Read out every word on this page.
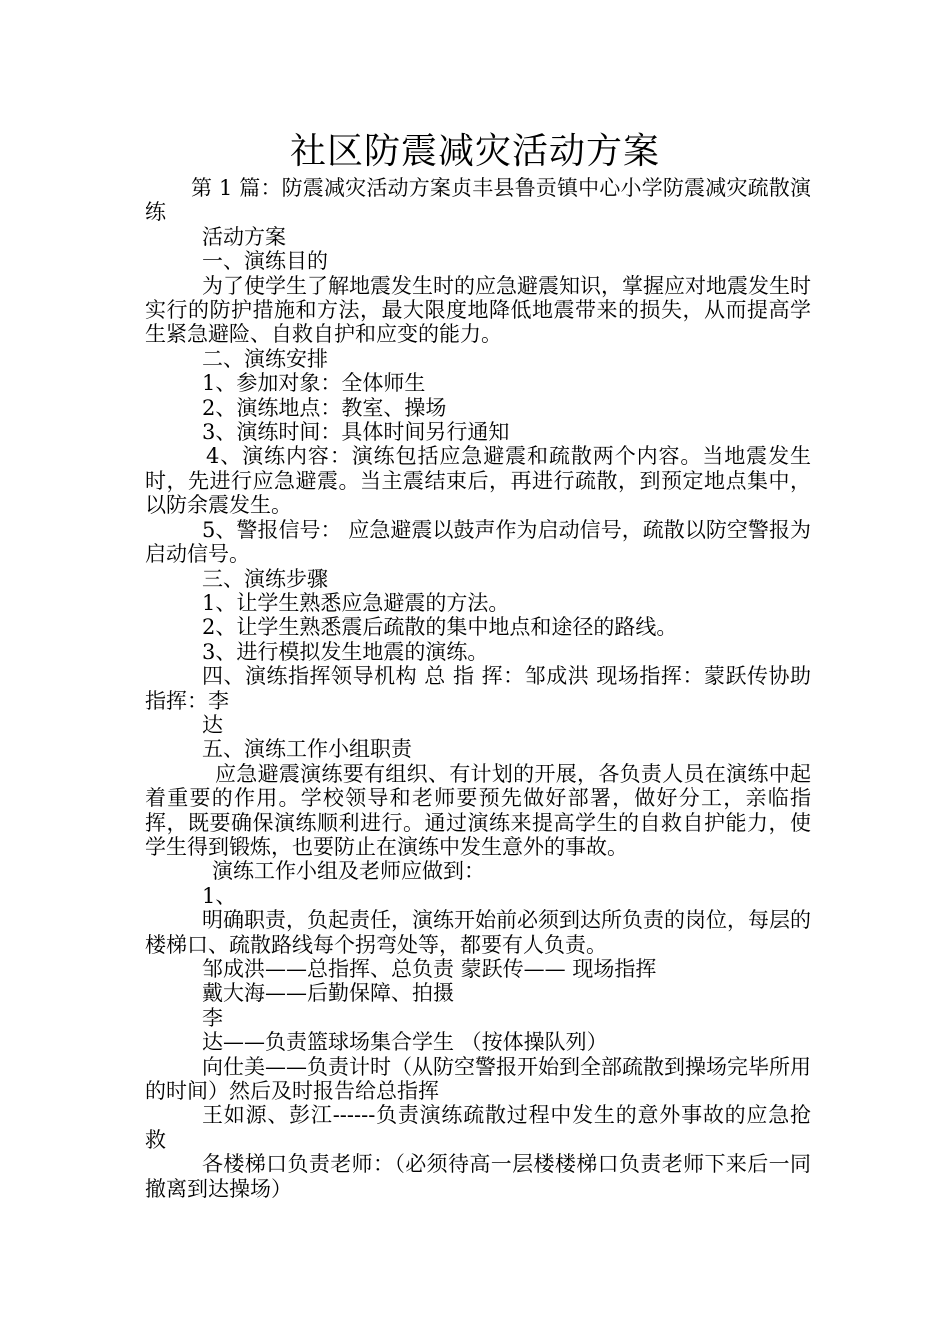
社区防震减灾活动方案

第 1 篇：防震减灾活动方案贞丰县鲁贡镇中心小学防震减灾疏散演练

活动方案

一、演练目的

为了使学生了解地震发生时的应急避震知识，掌握应对地震发生时实行的防护措施和方法，最大限度地降低地震带来的损失，从而提高学生紧急避险、自救自护和应变的能力。

二、演练安排

1、参加对象：全体师生

2、演练地点：教室、操场

3、演练时间：具体时间另行通知

4、演练内容：演练包括应急避震和疏散两个内容。当地震发生时，先进行应急避震。当主震结束后，再进行疏散，到预定地点集中，以防余震发生。

5、警报信号： 应急避震以鼓声作为启动信号，疏散以防空警报为启动信号。

三、演练步骤

1、让学生熟悉应急避震的方法。

2、让学生熟悉震后疏散的集中地点和途径的路线。

3、进行模拟发生地震的演练。

四、演练指挥领导机构 总 指 挥：邹成洪 现场指挥：蒙跃传协助指挥：李

达

五、演练工作小组职责

应急避震演练要有组织、有计划的开展，各负责人员在演练中起着重要的作用。学校领导和老师要预先做好部署，做好分工，亲临指挥，既要确保演练顺利进行。通过演练来提高学生的自救自护能力，使学生得到锻炼，也要防止在演练中发生意外的事故。

演练工作小组及老师应做到：

1、

明确职责，负起责任，演练开始前必须到达所负责的岗位，每层的楼梯口、疏散路线每个拐弯处等，都要有人负责。

邹成洪——总指挥、总负责 蒙跃传—— 现场指挥

戴大海——后勤保障、拍摄

李

达——负责篮球场集合学生 （按体操队列）

向仕美——负责计时（从防空警报开始到全部疏散到操场完毕所用的时间）然后及时报告给总指挥

王如源、彭江------负责演练疏散过程中发生的意外事故的应急抢救

各楼梯口负责老师：（必须待高一层楼楼梯口负责老师下来后一同撤离到达操场）
